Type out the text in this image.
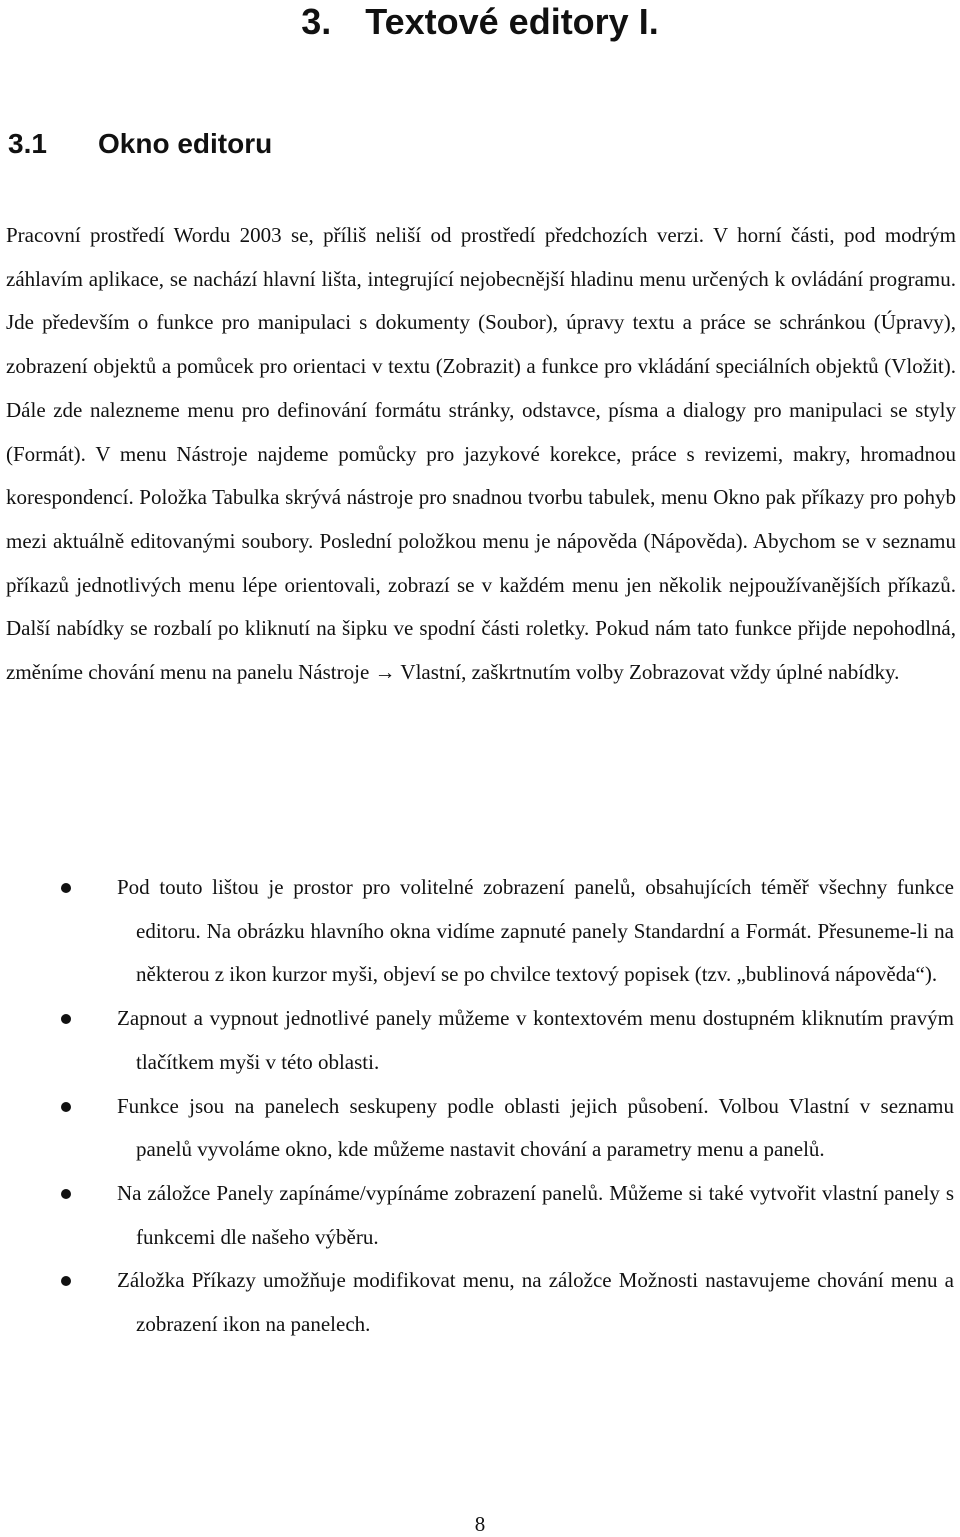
3. Textové editory I.
3.1 Okno editoru

Pracovní prostředí Wordu 2003 se, příliš neliší od prostředí předchozích verzi. V horní části, pod modrým záhlavím aplikace, se nachází hlavní lišta, integrující nejobecnější hladinu menu určených k ovládání programu. Jde především o funkce pro manipulaci s dokumenty (Soubor), úpravy textu a práce se schránkou (Úpravy), zobrazení objektů a pomůcek pro orientaci v textu (Zobrazit) a funkce pro vkládání speciálních objektů (Vložit). Dále zde nalezneme menu pro definování formátu stránky, odstavce, písma a dialogy pro manipulaci se styly (Formát). V menu Nástroje najdeme pomůcky pro jazykové korekce, práce s revizemi, makry, hromadnou korespondencí. Položka Tabulka skrývá nástroje pro snadnou tvorbu tabulek, menu Okno pak příkazy pro pohyb mezi aktuálně editovanými soubory. Poslední položkou menu je nápověda (Nápověda). Abychom se v seznamu příkazů jednotlivých menu lépe orientovali, zobrazí se v každém menu jen několik nejpoužívanějších příkazů. Další nabídky se rozbalí po kliknutí na šipku ve spodní části roletky. Pokud nám tato funkce přijde nepohodlná, změníme chování menu na panelu Nástroje → Vlastní, zaškrtnutím volby Zobrazovat vždy úplné nabídky.

Pod touto lištou je prostor pro volitelné zobrazení panelů, obsahujících téměř všechny funkce editoru. Na obrázku hlavního okna vidíme zapnuté panely Standardní a Formát. Přesuneme-li na některou z ikon kurzor myši, objeví se po chvilce textový popisek (tzv. „bublinová nápověda“).
Zapnout a vypnout jednotlivé panely můžeme v kontextovém menu dostupném kliknutím pravým tlačítkem myši v této oblasti.
Funkce jsou na panelech seskupeny podle oblasti jejich působení. Volbou Vlastní v seznamu panelů vyvoláme okno, kde můžeme nastavit chování a parametry menu a panelů.
Na záložce Panely zapínáme/vypínáme zobrazení panelů. Můžeme si také vytvořit vlastní panely s funkcemi dle našeho výběru.
Záložka Příkazy umožňuje modifikovat menu, na záložce Možnosti nastavujeme chování menu a zobrazení ikon na panelech.
8
